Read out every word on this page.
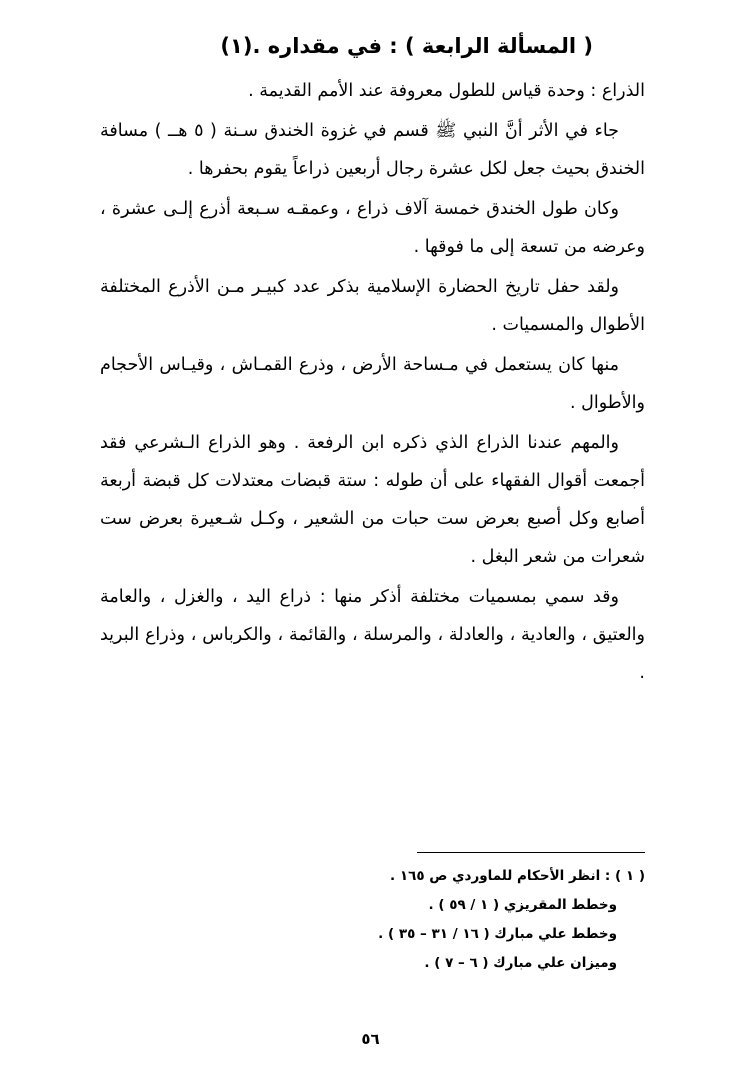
( المسألة الرابعة ) : في مقداره .(١)

الذراع : وحدة قياس للطول معروفة عند الأمم القديمة .

جاء في الأثر أنَّ النبي ﷺ قسم في غزوة الخندق سـنة ( ٥ هــ ) مسافة الخندق بحيث جعل لكل عشرة رجال أربعين ذراعاً يقوم بحفرها .

وكان طول الخندق خمسة آلاف ذراع ، وعمقـه سـبعة أذرع إلـى عشرة ، وعرضه من تسعة إلى ما فوقها .

ولقد حفل تاريخ الحضارة الإسلامية بذكر عدد كبيـر مـن الأذرع المختلفة الأطوال والمسميات .

منها كان يستعمل في مـساحة الأرض ، وذرع القمـاش ، وقيـاس الأحجام والأطوال .

والمهم عندنا الذراع الذي ذكره ابن الرفعة . وهو الذراع الـشرعي فقد أجمعت أقوال الفقهاء على أن طوله : ستة قبضات معتدلات كل قبضة أربعة أصابع وكل أصبع بعرض ست حبات من الشعير ، وكـل شـعيرة بعرض ست شعرات من شعر البغل .

وقد سمي بمسميات مختلفة أذكر منها : ذراع اليد ، والغزل ، والعامة والعتيق ، والعادية ، والعادلة ، والمرسلة ، والقائمة ، والكرباس ، وذراع البريد .

( ١ ) : انظر الأحكام للماوردي ص ١٦٥ .
وخطط المقريزي ( ١ / ٥٩ ) .
وخطط علي مبارك ( ١٦ / ٣١ – ٣٥ ) .
وميزان علي مبارك ( ٦ – ٧ ) .
٥٦
